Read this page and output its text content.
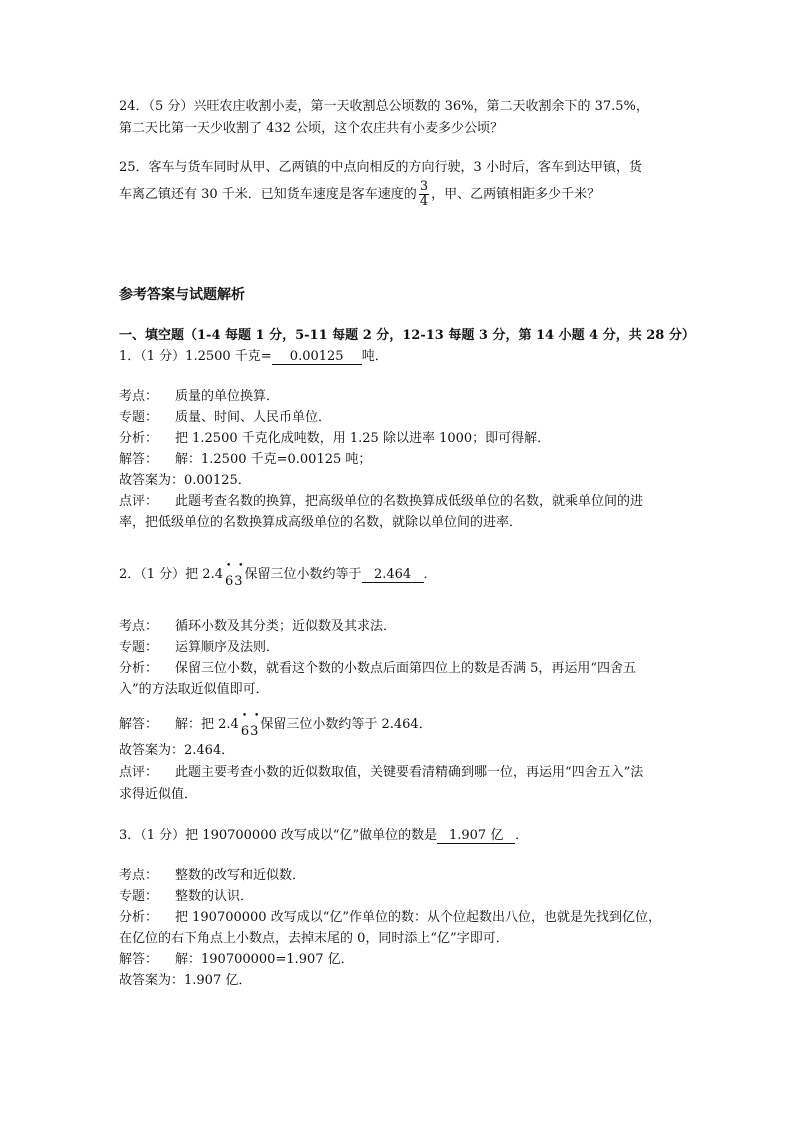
24．（5 分）兴旺农庄收割小麦，第一天收割总公顷数的 36%，第二天收割余下的 37.5%，
第二天比第一天少收割了 432 公顷，这个农庄共有小麦多少公顷？
25．客车与货车同时从甲、乙两镇的中点向相反的方向行驶，3 小时后，客车到达甲镇，货
车离乙镇还有 30 千米．已知货车速度是客车速度的 $\frac{3}{4}$ ，甲、乙两镇相距多少千米？
参考答案与试题解析
一、填空题（1-4 每题 1 分，5-11 每题 2 分，12-13 每题 3 分，第 14 小题 4 分，共 28 分）
1．（1 分）1.2500 千克= 0.00125 吨．
考点： 质量的单位换算．
专题： 质量、时间、人民币单位．
分析： 把 1.2500 千克化成吨数，用 1.25 除以进率 1000；即可得解．
解答： 解：1.2500 千克=0.00125 吨；
故答案为：0.00125．
点评： 此题考查名数的换算，把高级单位的名数换算成低级单位的名数，就乘单位间的进
率，把低级单位的名数换算成高级单位的名数，就除以单位间的进率．
2．（1 分）把 2.4
• •
63保留三位小数约等于 2.464 ．
考点： 循环小数及其分类；近似数及其求法．
专题： 运算顺序及法则．
分析： 保留三位小数，就看这个数的小数点后面第四位上的数是否满 5，再运用“四舍五
入”的方法取近似值即可．
解答： 解：把 2.4
• •
63保留三位小数约等于 2.464．
故答案为：2.464．
点评： 此题主要考查小数的近似数取值，关键要看清精确到哪一位，再运用“四舍五入”法
求得近似值．
3．（1 分）把 190700000 改写成以“亿”做单位的数是 1.907 亿 ．
考点： 整数的改写和近似数．
专题： 整数的认识．
分析： 把 190700000 改写成以“亿”作单位的数：从个位起数出八位，也就是先找到亿位，
在亿位的右下角点上小数点，去掉末尾的 0，同时添上“亿”字即可．
解答： 解：190700000=1.907 亿．
故答案为：1.907 亿．
